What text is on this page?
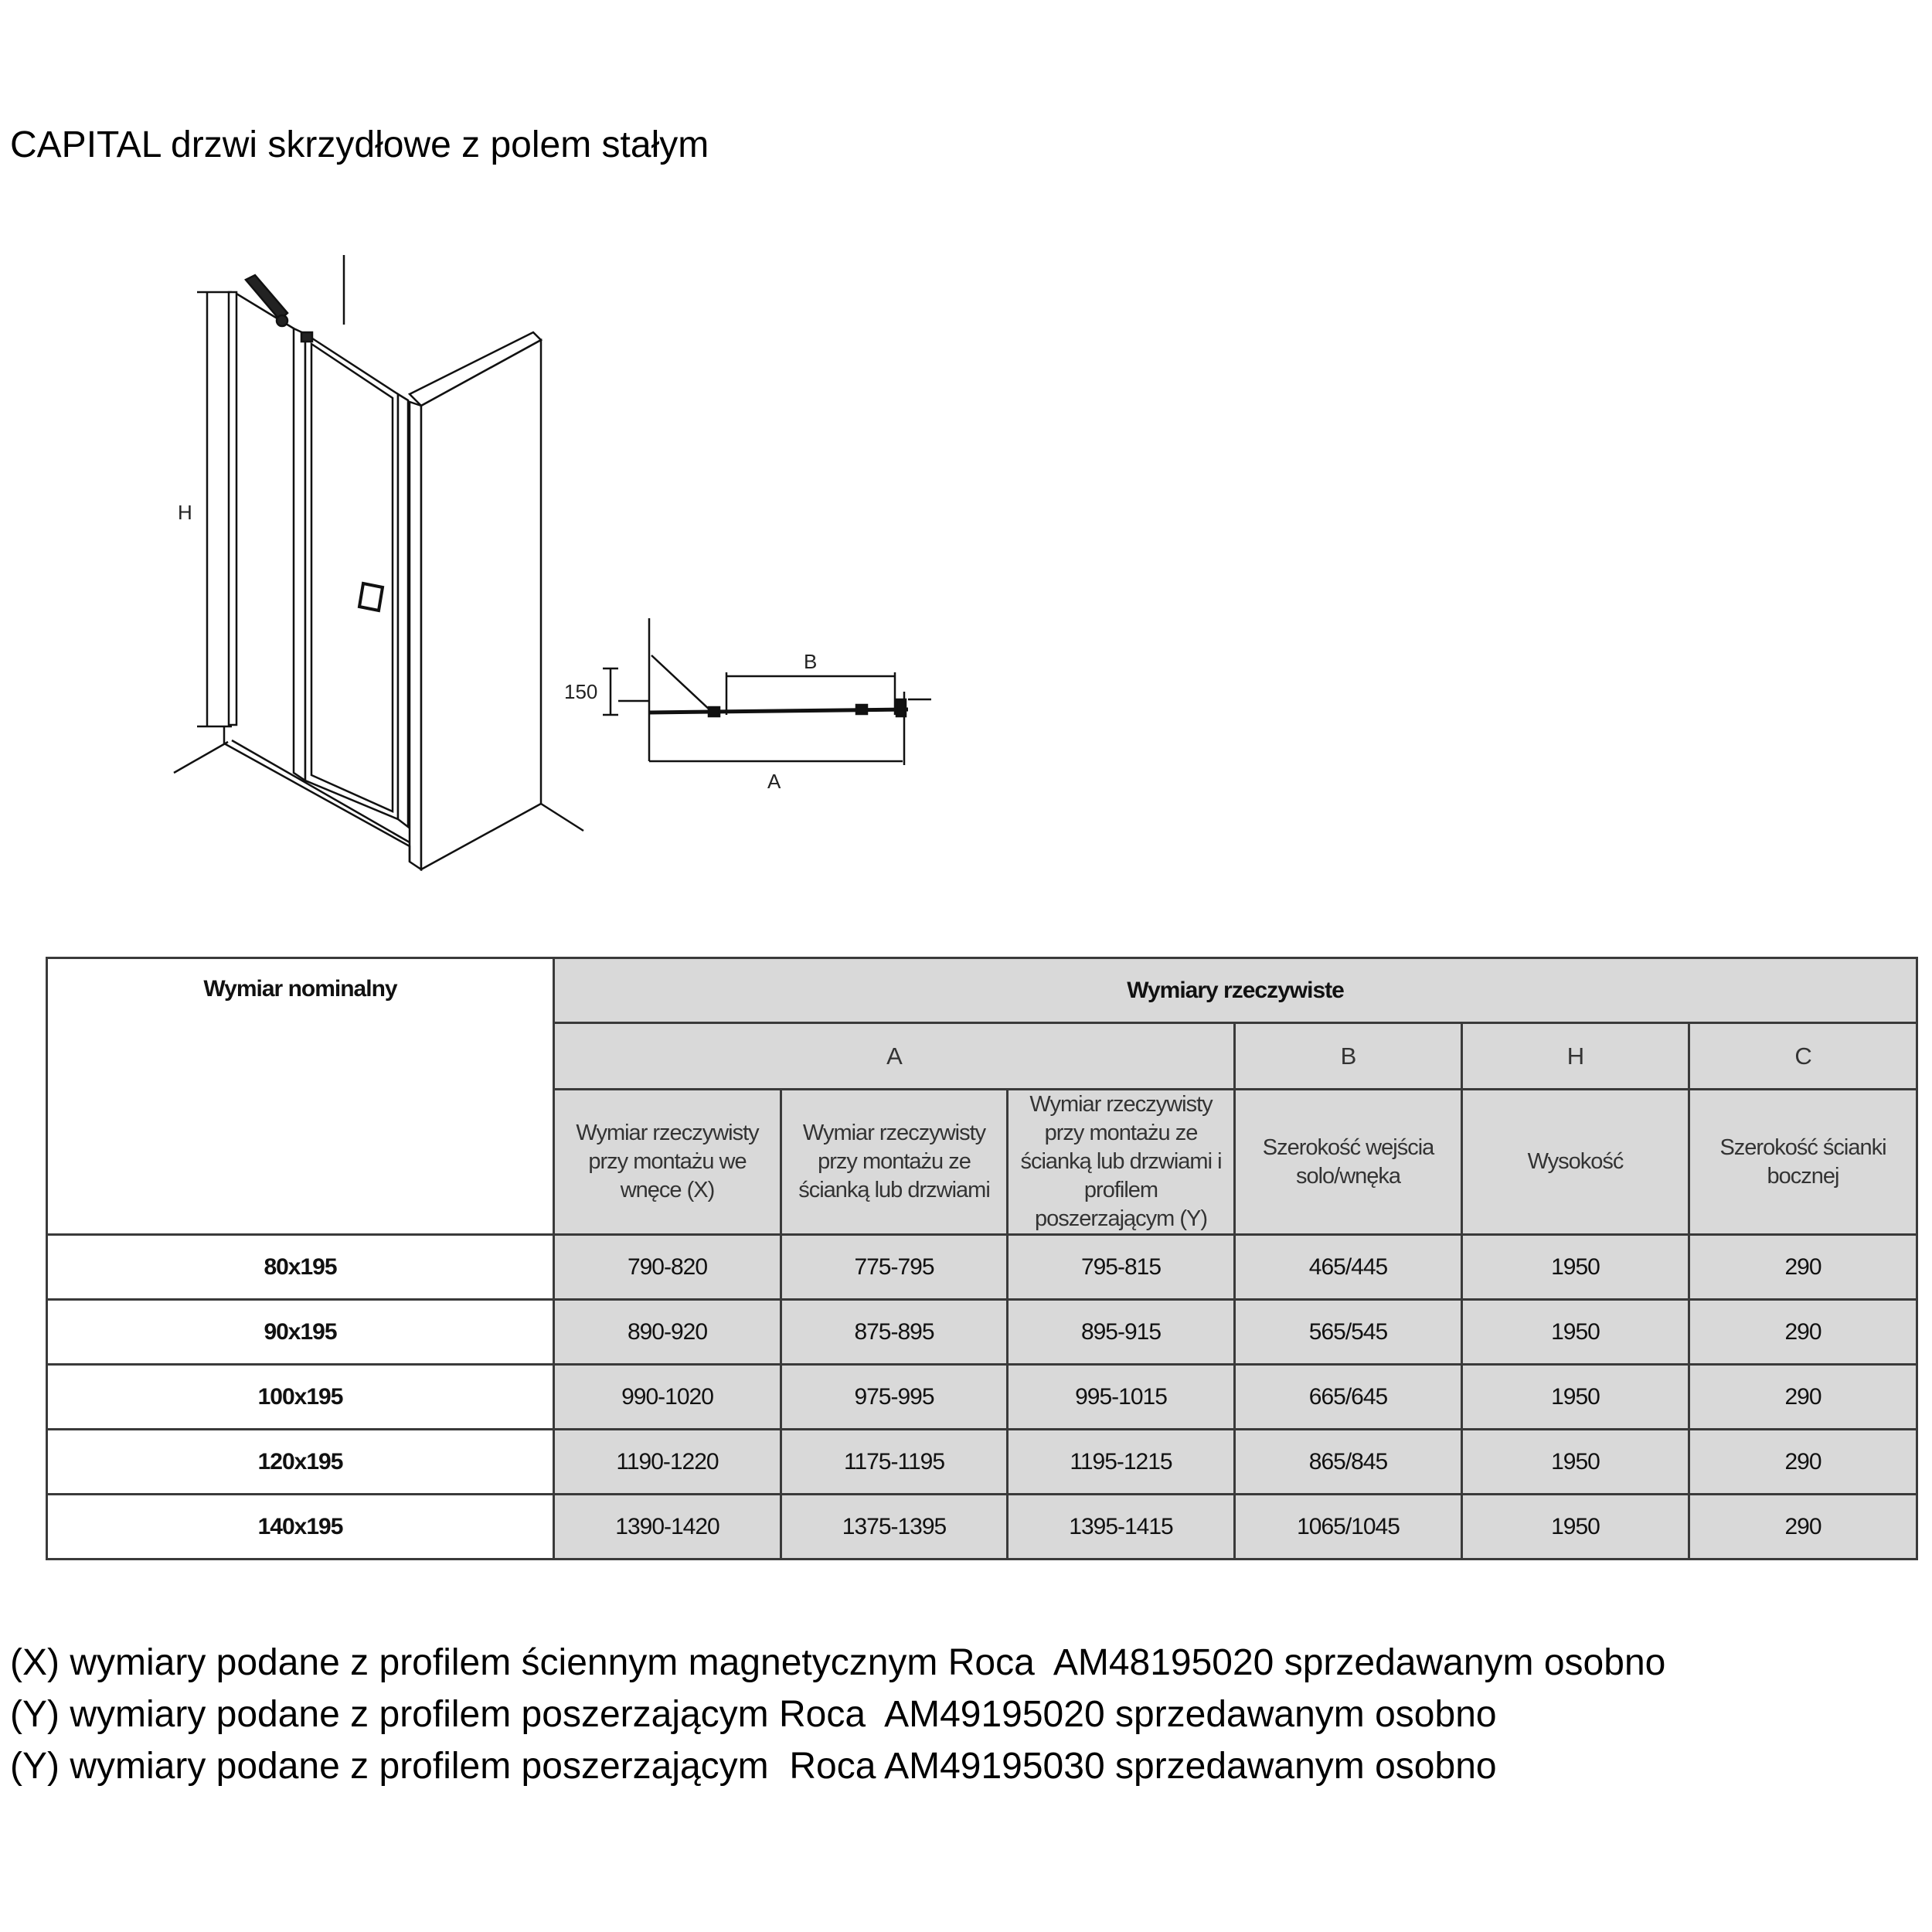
CAPITAL drzwi skrzydłowe z polem stałym
H
150
B
A
Wymiar nominalny	Wymiary rzeczywiste					
	A			B	H	C
	Wymiar rzeczywisty przy montażu we wnęce (X)	Wymiar rzeczywisty przy montażu ze ścianką lub drzwiami	Wymiar rzeczywisty przy montażu ze ścianką lub drzwiami i profilem poszerzającym (Y)	Szerokość wejścia solo/wnęka	Wysokość	Szerokość ścianki bocznej
80x195	790-820	775-795	795-815	465/445	1950	290
90x195	890-920	875-895	895-915	565/545	1950	290
100x195	990-1020	975-995	995-1015	665/645	1950	290
120x195	1190-1220	1175-1195	1195-1215	865/845	1950	290
140x195	1390-1420	1375-1395	1395-1415	1065/1045	1950	290
(X) wymiary podane z profilem ściennym magnetycznym Roca  AM48195020 sprzedawanym osobno
(Y) wymiary podane z profilem poszerzającym Roca  AM49195020 sprzedawanym osobno
(Y) wymiary podane z profilem poszerzającym  Roca AM49195030 sprzedawanym osobno
